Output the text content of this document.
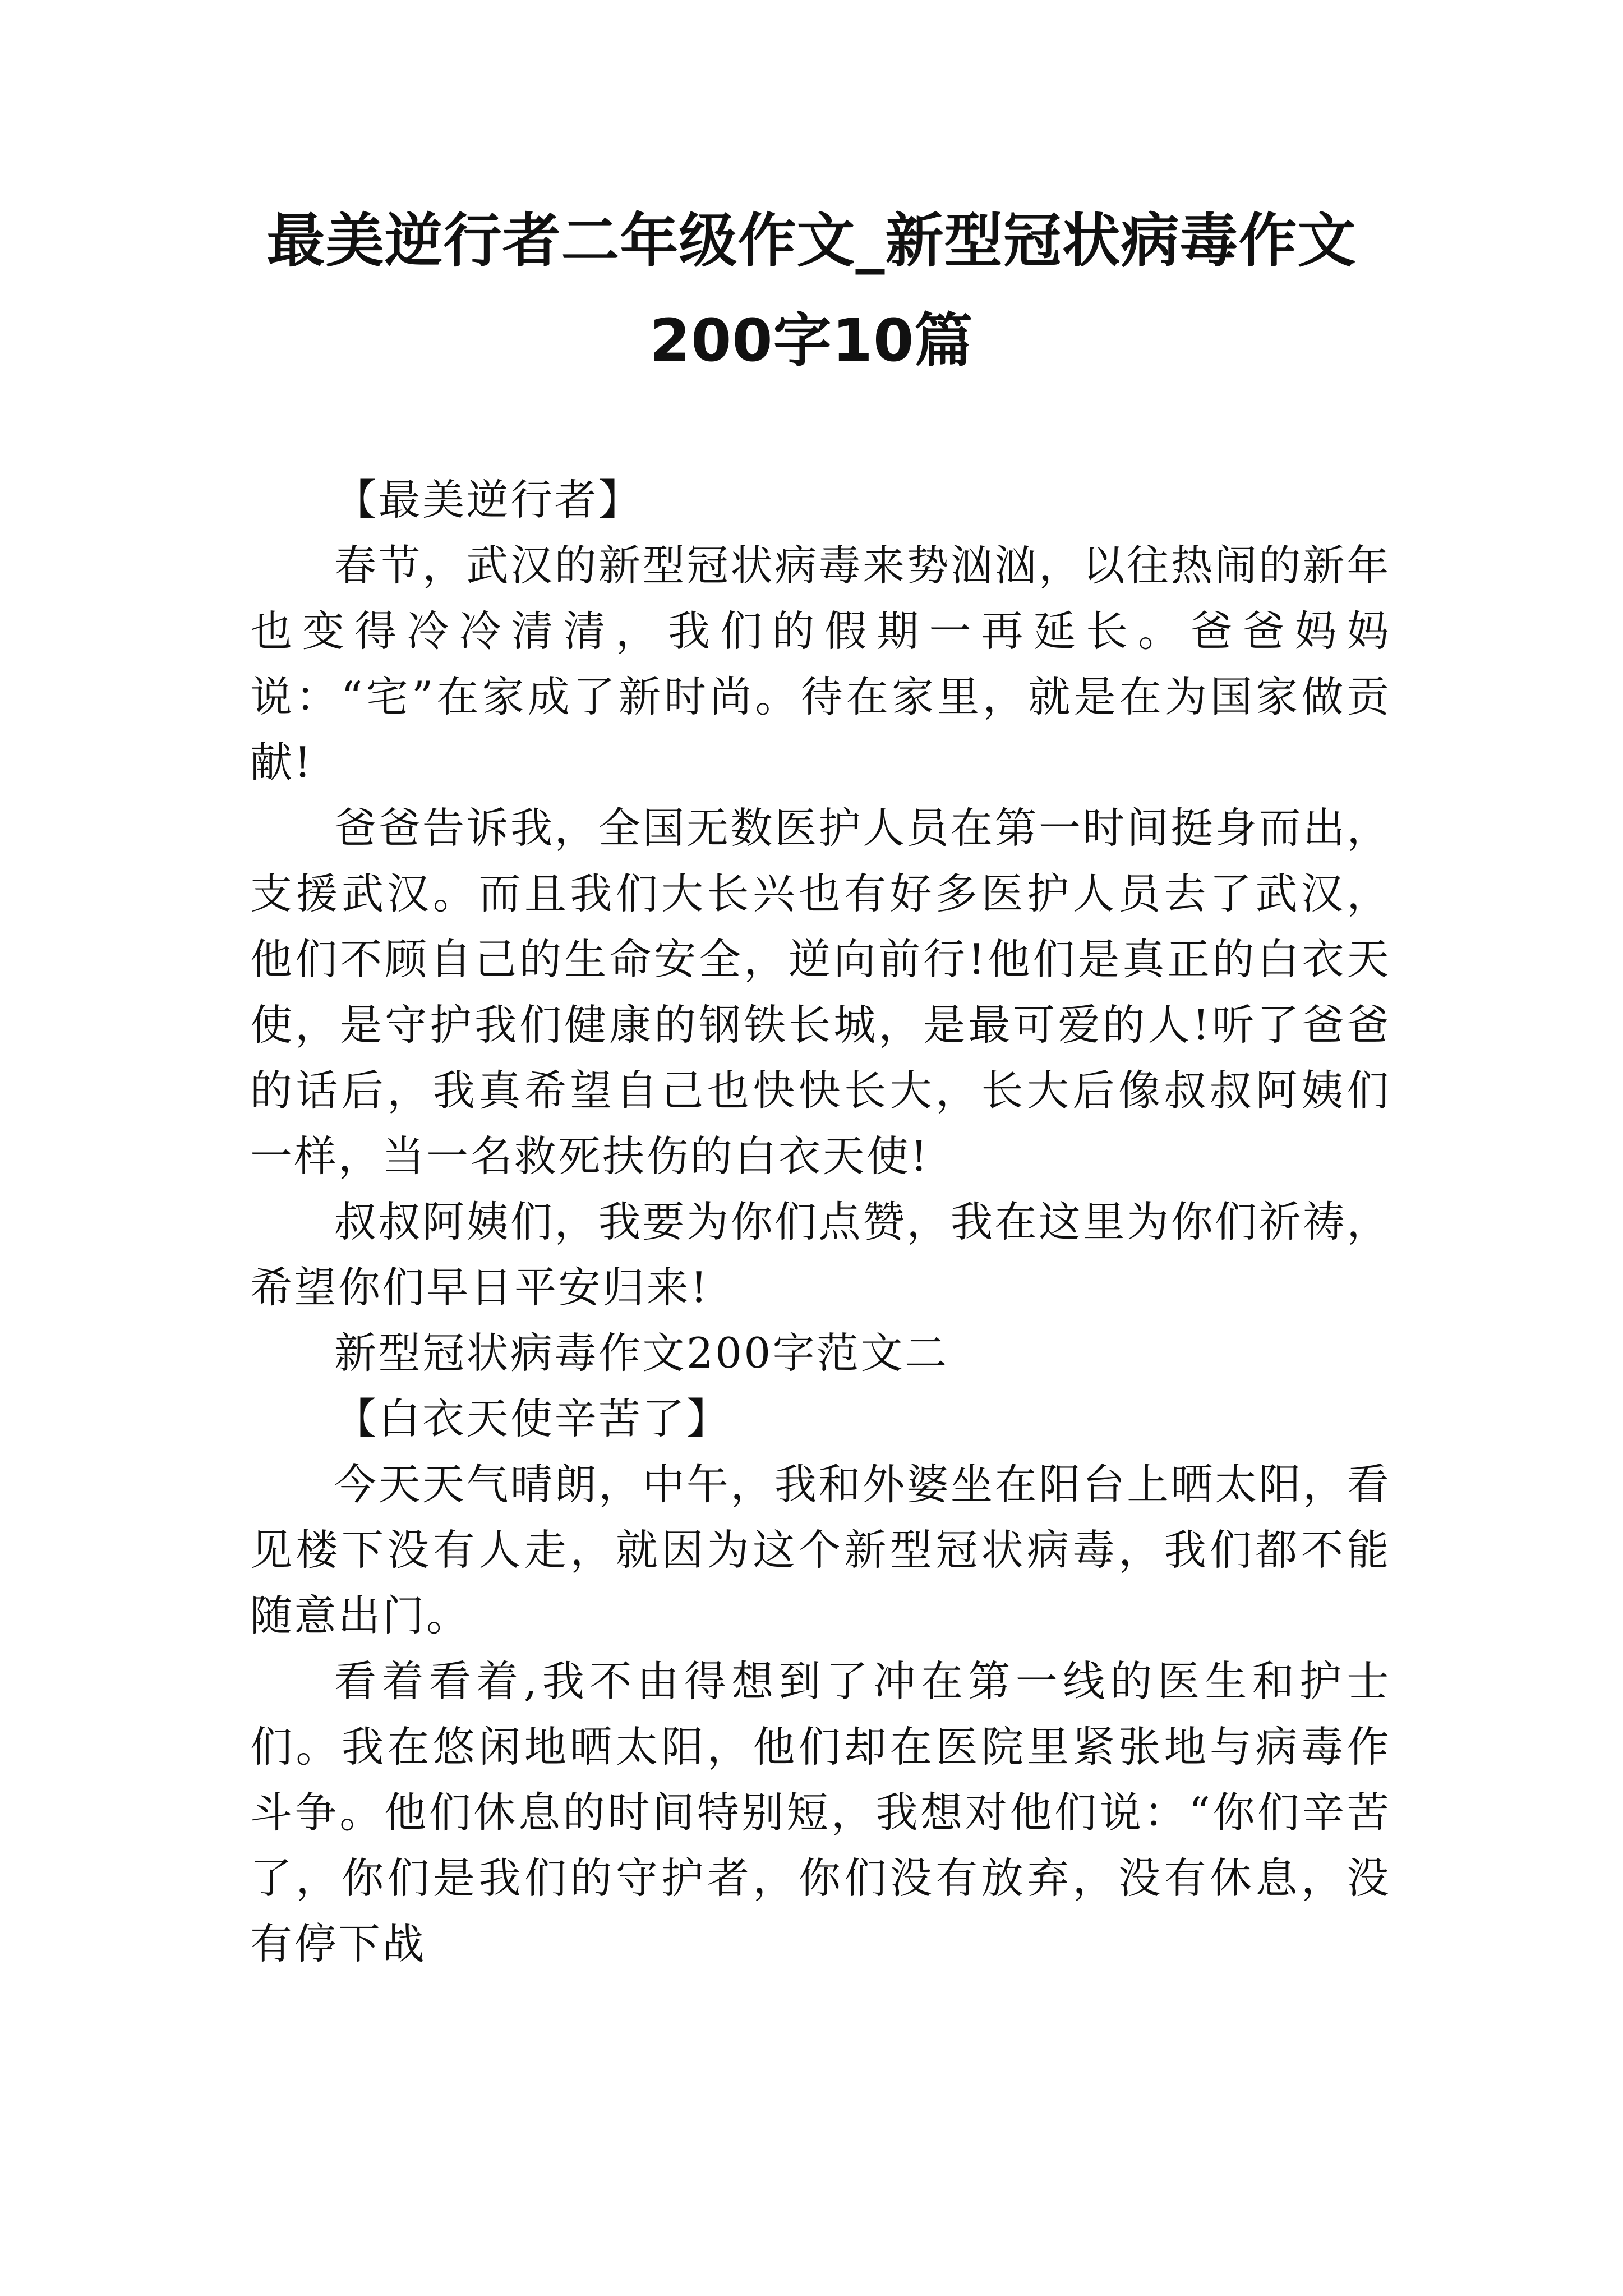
最美逆行者二年级作文_新型冠状病毒作文
200字10篇

【最美逆行者】

春节，武汉的新型冠状病毒来势汹汹，以往热闹的新年也变得冷冷清清，我们的假期一再延长。爸爸妈妈说：“宅”在家成了新时尚。待在家里，就是在为国家做贡献!

爸爸告诉我，全国无数医护人员在第一时间挺身而出，支援武汉。而且我们大长兴也有好多医护人员去了武汉，他们不顾自己的生命安全，逆向前行!他们是真正的白衣天使，是守护我们健康的钢铁长城，是最可爱的人!听了爸爸的话后，我真希望自己也快快长大，长大后像叔叔阿姨们一样，当一名救死扶伤的白衣天使!

叔叔阿姨们，我要为你们点赞，我在这里为你们祈祷，希望你们早日平安归来!

新型冠状病毒作文200字范文二

【白衣天使辛苦了】

今天天气晴朗，中午，我和外婆坐在阳台上晒太阳，看见楼下没有人走，就因为这个新型冠状病毒，我们都不能随意出门。

看着看着,我不由得想到了冲在第一线的医生和护士们。我在悠闲地晒太阳，他们却在医院里紧张地与病毒作斗争。他们休息的时间特别短，我想对他们说：“你们辛苦了，你们是我们的守护者，你们没有放弃，没有休息，没有停下战
